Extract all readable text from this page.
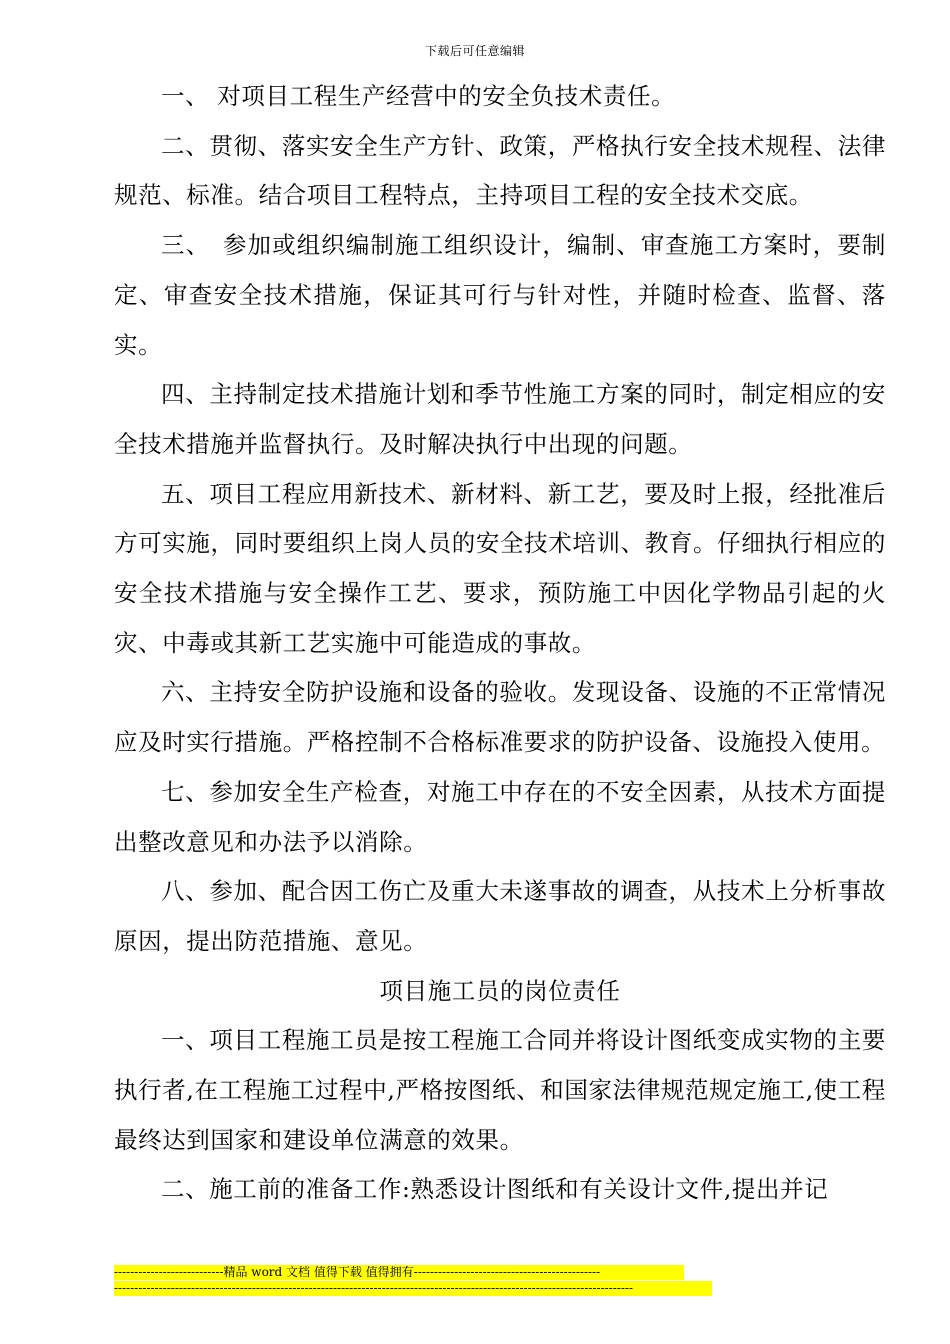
下载后可任意编辑

一、 对项目工程生产经营中的安全负技术责任。

二、贯彻、落实安全生产方针、政策，严格执行安全技术规程、法律规范、标准。结合项目工程特点，主持项目工程的安全技术交底。

三、　参加或组织编制施工组织设计，编制、审查施工方案时，要制定、审查安全技术措施，保证其可行与针对性，并随时检查、监督、落实。

四、主持制定技术措施计划和季节性施工方案的同时，制定相应的安全技术措施并监督执行。及时解决执行中出现的问题。

五、项目工程应用新技术、新材料、新工艺，要及时上报，经批准后方可实施，同时要组织上岗人员的安全技术培训、教育。仔细执行相应的安全技术措施与安全操作工艺、要求，预防施工中因化学物品引起的火灾、中毒或其新工艺实施中可能造成的事故。

六、主持安全防护设施和设备的验收。发现设备、设施的不正常情况应及时实行措施。严格控制不合格标准要求的防护设备、设施投入使用。

七、参加安全生产检查，对施工中存在的不安全因素，从技术方面提出整改意见和办法予以消除。

八、参加、配合因工伤亡及重大未遂事故的调查，从技术上分析事故原因，提出防范措施、意见。

项目施工员的岗位责任

一、项目工程施工员是按工程施工合同并将设计图纸变成实物的主要执行者,在工程施工过程中,严格按图纸、和国家法律规范规定施工,使工程最终达到国家和建设单位满意的效果。

二、施工前的准备工作:熟悉设计图纸和有关设计文件,提出并记

---------------------------精品 word 文档 值得下载 值得拥有----------------------------------------------
--------------------------------------------------------------------------------------------------------------------------------
